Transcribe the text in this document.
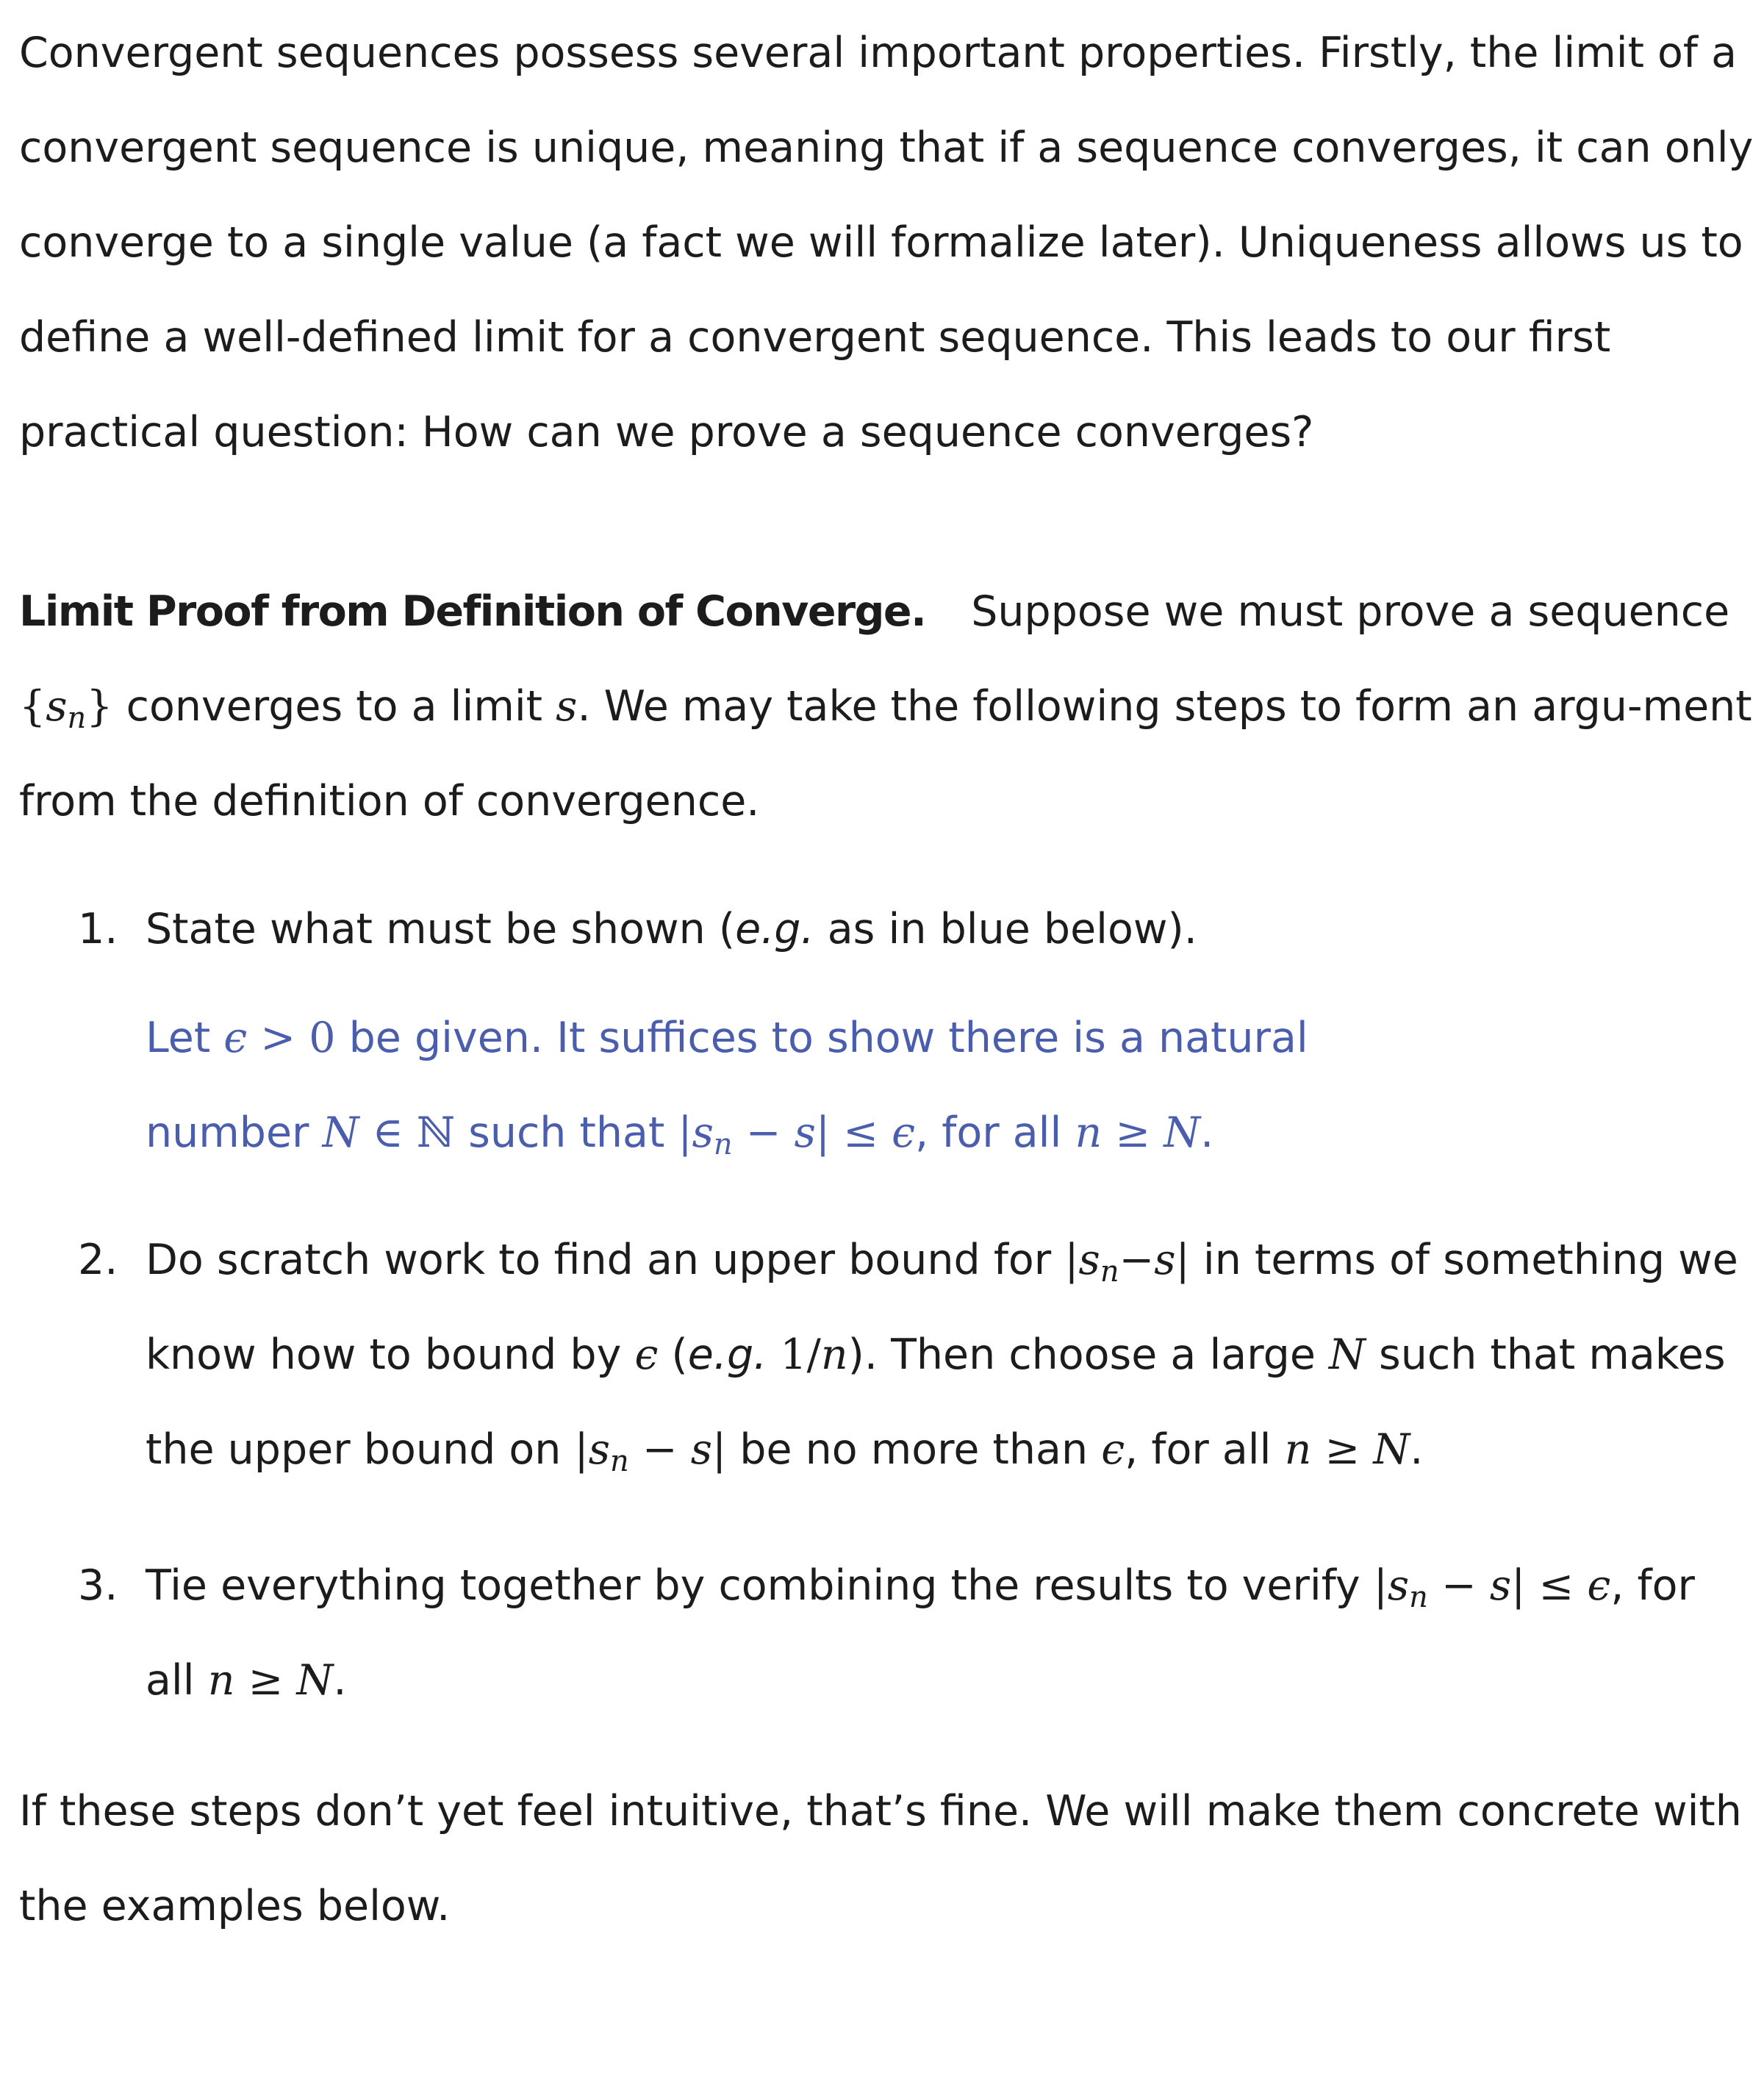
Convergent sequences possess several important properties. Firstly, the limit of a convergent sequence is unique, meaning that if a sequence converges, it can only converge to a single value (a fact we will formalize later). Uniqueness allows us to define a well-defined limit for a convergent sequence. This leads to our first practical question: How can we prove a sequence converges?

Limit Proof from Definition of Converge. Suppose we must prove a sequence $\{s_n\}$ converges to a limit s. We may take the following steps to form an argu-ment from the definition of convergence.

1. State what must be shown (e.g. as in blue below).
Let ϵ > 0 be given. It suffices to show there is a natural number N ∈ ℕ such that $|s_n - s| \le \epsilon$, for all n ≥ N.
2. Do scratch work to find an upper bound for $|s_n-s|$ in terms of something we know how to bound by ϵ (e.g. 1/n). Then choose a large N such that makes the upper bound on $|s_n - s|$ be no more than ϵ, for all n ≥ N.
3. Tie everything together by combining the results to verify $|s_n - s| \le \epsilon$, for all n ≥ N.

If these steps don’t yet feel intuitive, that’s fine. We will make them concrete with the examples below.
